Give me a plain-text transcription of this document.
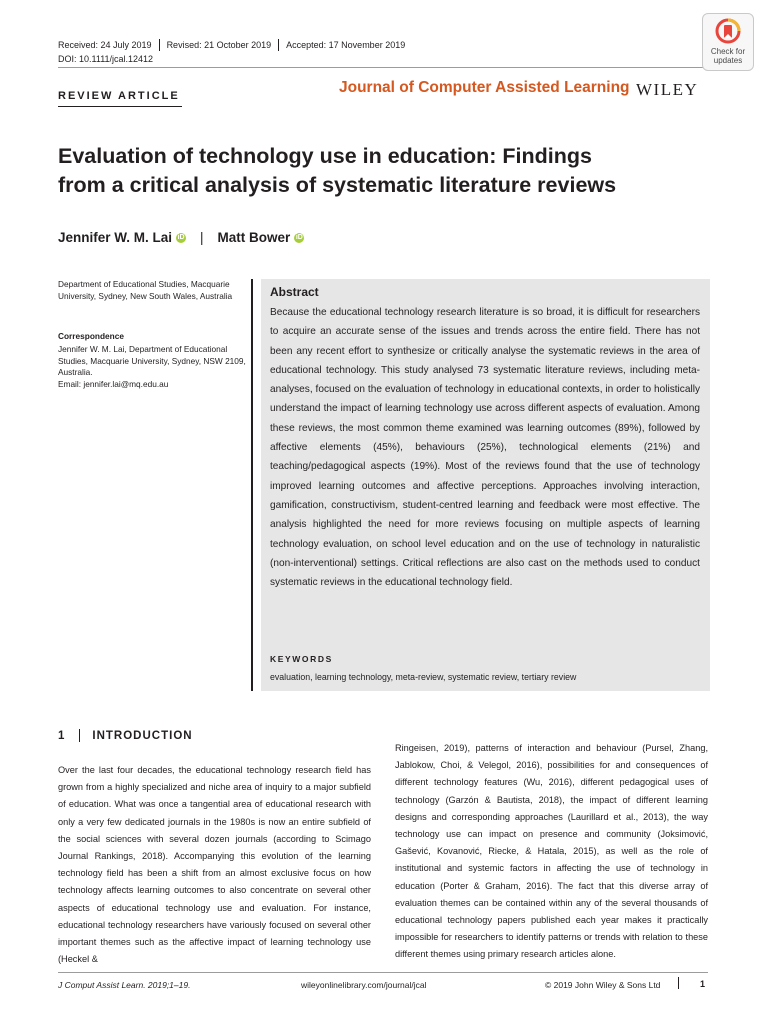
Received: 24 July 2019 Revised: 21 October 2019 Accepted: 17 November 2019
DOI: 10.1111/jcal.12412
Check for
updates
REVIEW ARTICLE	Journal of Computer Assisted Learning WILEY
Evaluation of technology use in education: Findings
from a critical analysis of systematic literature reviews
Jennifer W. M. Lai iD | Matt Bower iD
Department of Educational Studies, Macquarie University, Sydney, New South Wales, Australia
Correspondence
Jennifer W. M. Lai, Department of Educational Studies, Macquarie University, Sydney, NSW 2109, Australia.
Email: jennifer.lai@mq.edu.au
Abstract
Because the educational technology research literature is so broad, it is difficult for researchers to acquire an accurate sense of the issues and trends across the entire field. There has not been any recent effort to synthesize or critically analyse the systematic reviews in the area of educational technology. This study analysed 73 systematic literature reviews, including meta-analyses, focused on the evaluation of technology in educational contexts, in order to holistically understand the impact of learning technology use across different aspects of evaluation. Among these reviews, the most common theme examined was learning outcomes (89%), followed by affective elements (45%), behaviours (25%), technological elements (21%) and teaching/pedagogical aspects (19%). Most of the reviews found that the use of technology improved learning outcomes and affective perceptions. Approaches involving interaction, gamification, constructivism, student-centred learning and feedback were most effective. The analysis highlighted the need for more reviews focusing on multiple aspects of learning technology evaluation, on school level education and on the use of technology in naturalistic (non-interventional) settings. Critical reflections are also cast on the methods used to conduct systematic reviews in the educational technology field.
KEYWORDS
evaluation, learning technology, meta-review, systematic review, tertiary review
1 INTRODUCTION
Over the last four decades, the educational technology research field has grown from a highly specialized and niche area of inquiry to a major subfield of education. What was once a tangential area of educational research with only a very few dedicated journals in the 1980s is now an entire subfield of the social sciences with several dozen journals (according to Scimago Journal Rankings, 2018). Accompanying this evolution of the learning technology field has been a shift from an almost exclusive focus on how technology affects learning outcomes to also concentrate on several other aspects of educational technology use and evaluation. For instance, educational technology researchers have variously focused on several other important themes such as the affective impact of learning technology use (Heckel &
Ringeisen, 2019), patterns of interaction and behaviour (Pursel, Zhang, Jablokow, Choi, & Velegol, 2016), possibilities for and consequences of different technology features (Wu, 2016), different pedagogical uses of technology (Garzón & Bautista, 2018), the impact of different learning designs and corresponding approaches (Laurillard et al., 2013), the way technology use can impact on presence and community (Joksimović, Gašević, Kovanović, Riecke, & Hatala, 2015), as well as the role of institutional and systemic factors in affecting the use of technology in education (Porter & Graham, 2016). The fact that this diverse array of evaluation themes can be contained within any of the several thousands of educational technology papers published each year makes it practically impossible for researchers to identify patterns or trends with relation to these different themes using primary research articles alone.
J Comput Assist Learn. 2019;1–19.	wileyonlinelibrary.com/journal/jcal	© 2019 John Wiley & Sons Ltd	1
